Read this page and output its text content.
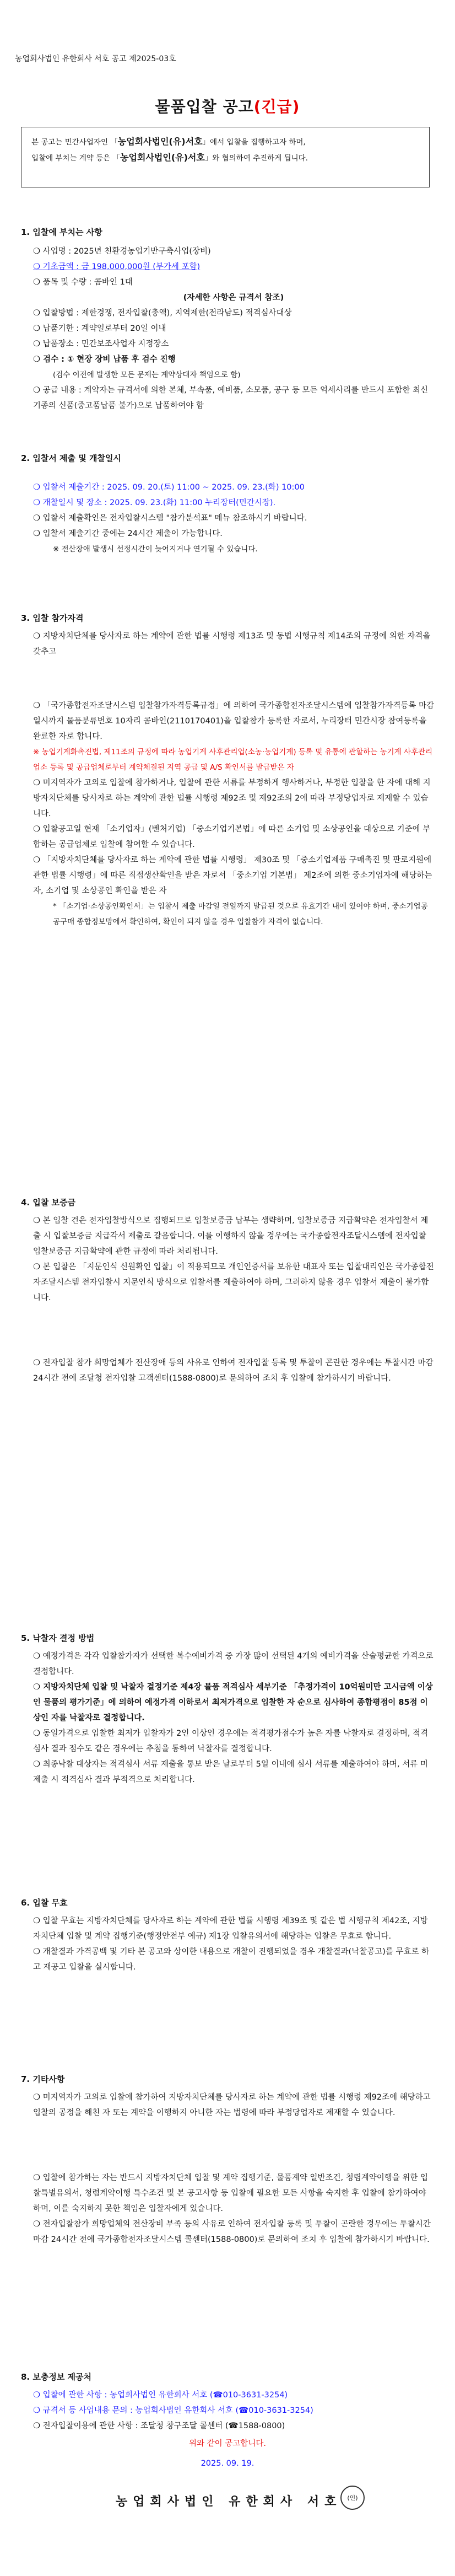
농업회사법인 유한회사 서호 공고 제2025-03호
물품입찰 공고(긴급)
본 공고는 민간사업자인 「농업회사법인(유)서호」에서 입찰을 집행하고자 하며,
입찰에 부치는 계약 등은 「농업회사법인(유)서호」와 협의하여 추진하게 됩니다.
1. 입찰에 부치는 사항
❍ 사업명 : 2025년 친환경농업기반구축사업(장비)
❍ 기초금액 : 금 198,000,000원 (부가세 포함)
❍ 품목 및 수량 : 콤바인 1대
(자세한 사항은 규격서 참조)
❍ 입찰방법 : 제한경쟁, 전자입찰(총액), 지역제한(전라남도) 적격심사대상
❍ 납품기한 : 계약일로부터 20일 이내
❍ 납품장소 : 민간보조사업자 지정장소
❍ 검수 : ① 현장 장비 납품 후 검수 진행
(검수 이전에 발생한 모든 문제는 계약상대자 책임으로 함)
❍ 공급 내용 : 계약자는 규격서에 의한 본체, 부속품, 예비품, 소모품, 공구 등 모든 억세사리를 반드시 포함한 최신 기종의 신품(중고품납품 불가)으로 납품하여야 함
2. 입찰서 제출 및 개찰일시
❍ 입찰서 제출기간 : 2025. 09. 20.(토) 11:00 ~ 2025. 09. 23.(화) 10:00
❍ 개찰일시 및 장소 : 2025. 09. 23.(화) 11:00 누리장터(민간시장).
❍ 입찰서 제출확인은 전자입찰시스템 "참가분석표" 메뉴 참조하시기 바랍니다.
❍ 입찰서 제출기간 중에는 24시간 제출이 가능합니다.
※ 전산장애 발생시 선정시간이 늦어지거나 연기될 수 있습니다.
3. 입찰 참가자격
❍ 지방자치단체를 당사자로 하는 계약에 관한 법률 시행령 제13조 및 동법 시행규칙 제14조의 규정에 의한 자격을 갖추고
❍ 「국가종합전자조달시스템 입찰참가자격등록규정」에 의하여 국가종합전자조달시스템에 입찰참가자격등록 마감일시까지 물품분류번호 10자리 콤바인(2110170401)을 입찰참가 등록한 자로서, 누리장터 민간시장 참여등록을 완료한 자로 합니다.
※ 농업기계화촉진법, 제11조의 규정에 따라 농업기계 사후관리업(소농·농업기계) 등록 및 유통에 관할하는 농기계 사후관리업소 등록 및 공급업체로부터 계약체결된 지역 공급 및 A/S 확인서를 발급받은 자
❍ 미지역자가 고의로 입찰에 참가하거나, 입찰에 관한 서류를 부정하게 행사하거나, 부정한 입찰을 한 자에 대해 지방자치단체를 당사자로 하는 계약에 관한 법률 시행령 제92조 및 제92조의 2에 따라 부정당업자로 제재할 수 있습니다.
❍ 입찰공고일 현재 「소기업자」(벤처기업) 「중소기업기본법」에 따른 소기업 및 소상공인을 대상으로 기준에 부합하는 공급업체로 입찰에 참여할 수 있습니다.
❍ 「지방자치단체를 당사자로 하는 계약에 관한 법률 시행령」 제30조 및 「중소기업제품 구매촉진 및 판로지원에 관한 법률 시행령」에 따른 직접생산확인을 받은 자로서 「중소기업 기본법」 제2조에 의한 중소기업자에 해당하는 자, 소기업 및 소상공인 확인을 받은 자
* 「소기업·소상공인확인서」는 입찰서 제출 마감일 전일까지 발급된 것으로 유효기간 내에 있어야 하며, 중소기업공공구매 종합정보망에서 확인하여, 확인이 되지 않을 경우 입찰참가 자격이 없습니다.
4. 입찰 보증금
❍ 본 입찰 건은 전자입찰방식으로 집행되므로 입찰보증금 납부는 생략하며, 입찰보증금 지급확약은 전자입찰서 제출 시 입찰보증금 지급각서 제출로 갈음합니다. 이를 이행하지 않을 경우에는 국가종합전자조달시스템에 전자입찰 입찰보증금 지급확약에 관한 규정에 따라 처리됩니다.
❍ 본 입찰은 「지문인식 신원확인 입찰」이 적용되므로 개인인증서를 보유한 대표자 또는 입찰대리인은 국가종합전자조달시스템 전자입찰시 지문인식 방식으로 입찰서를 제출하여야 하며, 그러하지 않을 경우 입찰서 제출이 불가합니다.
❍ 전자입찰 참가 희망업체가 전산장애 등의 사유로 인하여 전자입찰 등록 및 투찰이 곤란한 경우에는 투찰시간 마감 24시간 전에 조달청 전자입찰 고객센터(1588-0800)로 문의하여 조치 후 입찰에 참가하시기 바랍니다.
5. 낙찰자 결정 방법
❍ 예정가격은 각각 입찰참가자가 선택한 복수예비가격 중 가장 많이 선택된 4개의 예비가격을 산술평균한 가격으로 결정합니다.
❍ 지방자치단체 입찰 및 낙찰자 결정기준 제4장 물품 적격심사 세부기준 「추정가격이 10억원미만 고시금액 이상인 물품의 평가기준」에 의하여 예정가격 이하로서 최저가격으로 입찰한 자 순으로 심사하여 종합평점이 85점 이상인 자를 낙찰자로 결정합니다.
❍ 동일가격으로 입찰한 최저가 입찰자가 2인 이상인 경우에는 적격평가점수가 높은 자를 낙찰자로 결정하며, 적격심사 결과 점수도 같은 경우에는 추첨을 통하여 낙찰자를 결정합니다.
❍ 최종낙찰 대상자는 적격심사 서류 제출을 통보 받은 날로부터 5일 이내에 심사 서류를 제출하여야 하며, 서류 미제출 시 적격심사 결과 부적격으로 처리합니다.
6. 입찰 무효
❍ 입찰 무효는 지방자치단체를 당사자로 하는 계약에 관한 법률 시행령 제39조 및 같은 법 시행규칙 제42조, 지방자치단체 입찰 및 계약 집행기준(행정안전부 예규) 제1장 입찰유의서에 해당하는 입찰은 무효로 합니다.
❍ 개찰결과 가격공백 및 기타 본 공고와 상이한 내용으로 개찰이 진행되었을 경우 개찰결과(낙찰공고)를 무효로 하고 재공고 입찰을 실시합니다.
7. 기타사항
❍ 미지역자가 고의로 입찰에 참가하여 지방자치단체를 당사자로 하는 계약에 관한 법률 시행령 제92조에 해당하고 입찰의 공정을 해친 자 또는 계약을 이행하지 아니한 자는 법령에 따라 부정당업자로 제재할 수 있습니다.
❍ 입찰에 참가하는 자는 반드시 지방자치단체 입찰 및 계약 집행기준, 물품계약 일반조건, 청렴계약이행을 위한 입찰특별유의서, 청렴계약이행 특수조건 및 본 공고사항 등 입찰에 필요한 모든 사항을 숙지한 후 입찰에 참가하여야 하며, 이를 숙지하지 못한 책임은 입찰자에게 있습니다.
❍ 전자입찰참가 희망업체의 전산장비 부족 등의 사유로 인하여 전자입찰 등록 및 투찰이 곤란한 경우에는 투찰시간 마감 24시간 전에 국가종합전자조달시스템 콜센터(1588-0800)로 문의하여 조치 후 입찰에 참가하시기 바랍니다.
8. 보충정보 제공처
❍ 입찰에 관한 사항 : 농업회사법인 유한회사 서호 (☎010-3631-3254)
❍ 규격서 등 사업내용 문의 : 농업회사법인 유한회사 서호 (☎010-3631-3254)
❍ 전자입찰이용에 관한 사항 : 조달청 창구조달 콜센터 (☎1588-0800)
위와 같이 공고합니다.
2025. 09. 19.
농업회사법인 유한회사 서호 (인)
